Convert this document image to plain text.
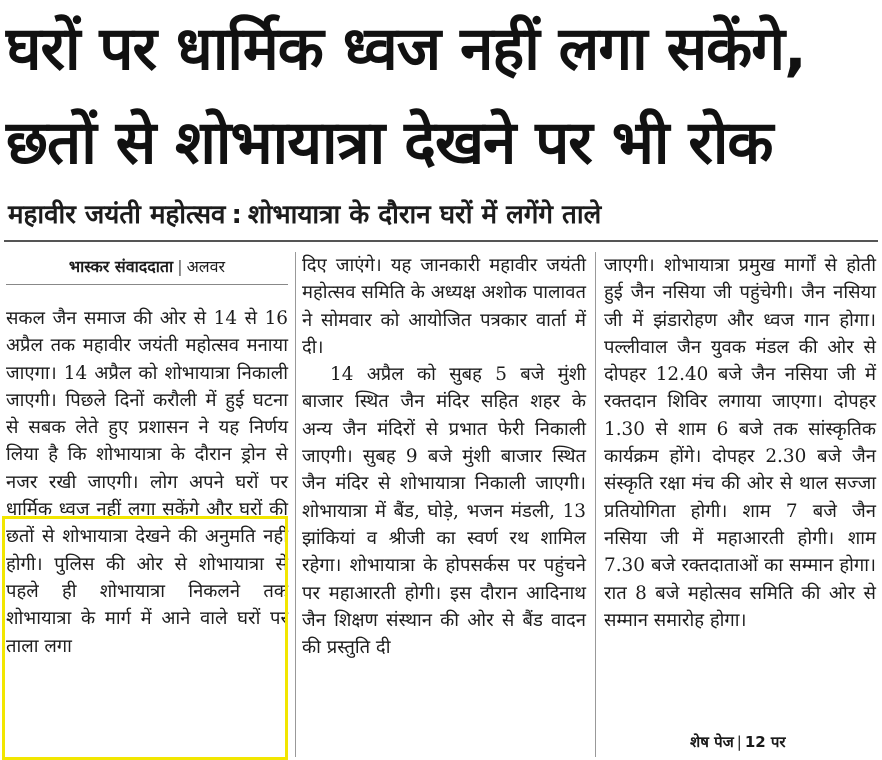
घरों पर धार्मिक ध्वज नहीं लगा सकेंगे,
छतों से शोभायात्रा देखने पर भी रोक
महावीर जयंती महोत्सव : शोभायात्रा के दौरान घरों में लगेंगे ताले
भास्कर संवाददाता | अलवर

सकल जैन समाज की ओर से 14 से 16 अप्रैल तक महावीर जयंती महोत्सव मनाया जाएगा। 14 अप्रैल को शोभायात्रा निकाली जाएगी। पिछले दिनों करौली में हुई घटना से सबक लेते हुए प्रशासन ने यह निर्णय लिया है कि शोभायात्रा के दौरान ड्रोन से नजर रखी जाएगी। लोग अपने घरों पर धार्मिक ध्वज नहीं लगा सकेंगे और घरों की छतों से शोभायात्रा देखने की अनुमति नहीं होगी। पुलिस की ओर से शोभायात्रा से पहले ही शोभायात्रा निकलने तक शोभायात्रा के मार्ग में आने वाले घरों पर ताला लगा

दिए जाएंगे। यह जानकारी महावीर जयंती महोत्सव समिति के अध्यक्ष अशोक पालावत ने सोमवार को आयोजित पत्रकार वार्ता में दी।

14 अप्रैल को सुबह 5 बजे मुंशी बाजार स्थित जैन मंदिर सहित शहर के अन्य जैन मंदिरों से प्रभात फेरी निकाली जाएगी। सुबह 9 बजे मुंशी बाजार स्थित जैन मंदिर से शोभायात्रा निकाली जाएगी। शोभायात्रा में बैंड, घोड़े, भजन मंडली, 13 झांकियां व श्रीजी का स्वर्ण रथ शामिल रहेगा। शोभायात्रा के होपसर्कस पर पहुंचने पर महाआरती होगी। इस दौरान आदिनाथ जैन शिक्षण संस्थान की ओर से बैंड वादन की प्रस्तुति दी

जाएगी। शोभायात्रा प्रमुख मार्गों से होती हुई जैन नसिया जी पहुंचेगी। जैन नसिया जी में झंडारोहण और ध्वज गान होगा। पल्लीवाल जैन युवक मंडल की ओर से दोपहर 12.40 बजे जैन नसिया जी में रक्तदान शिविर लगाया जाएगा। दोपहर 1.30 से शाम 6 बजे तक सांस्कृतिक कार्यक्रम होंगे। दोपहर 2.30 बजे जैन संस्कृति रक्षा मंच की ओर से थाल सज्जा प्रतियोगिता होगी। शाम 7 बजे जैन नसिया जी में महाआरती होगी। शाम 7.30 बजे रक्तदाताओं का सम्मान होगा। रात 8 बजे महोत्सव समिति की ओर से सम्मान समारोह होगा।

शेष पेज | 12 पर
